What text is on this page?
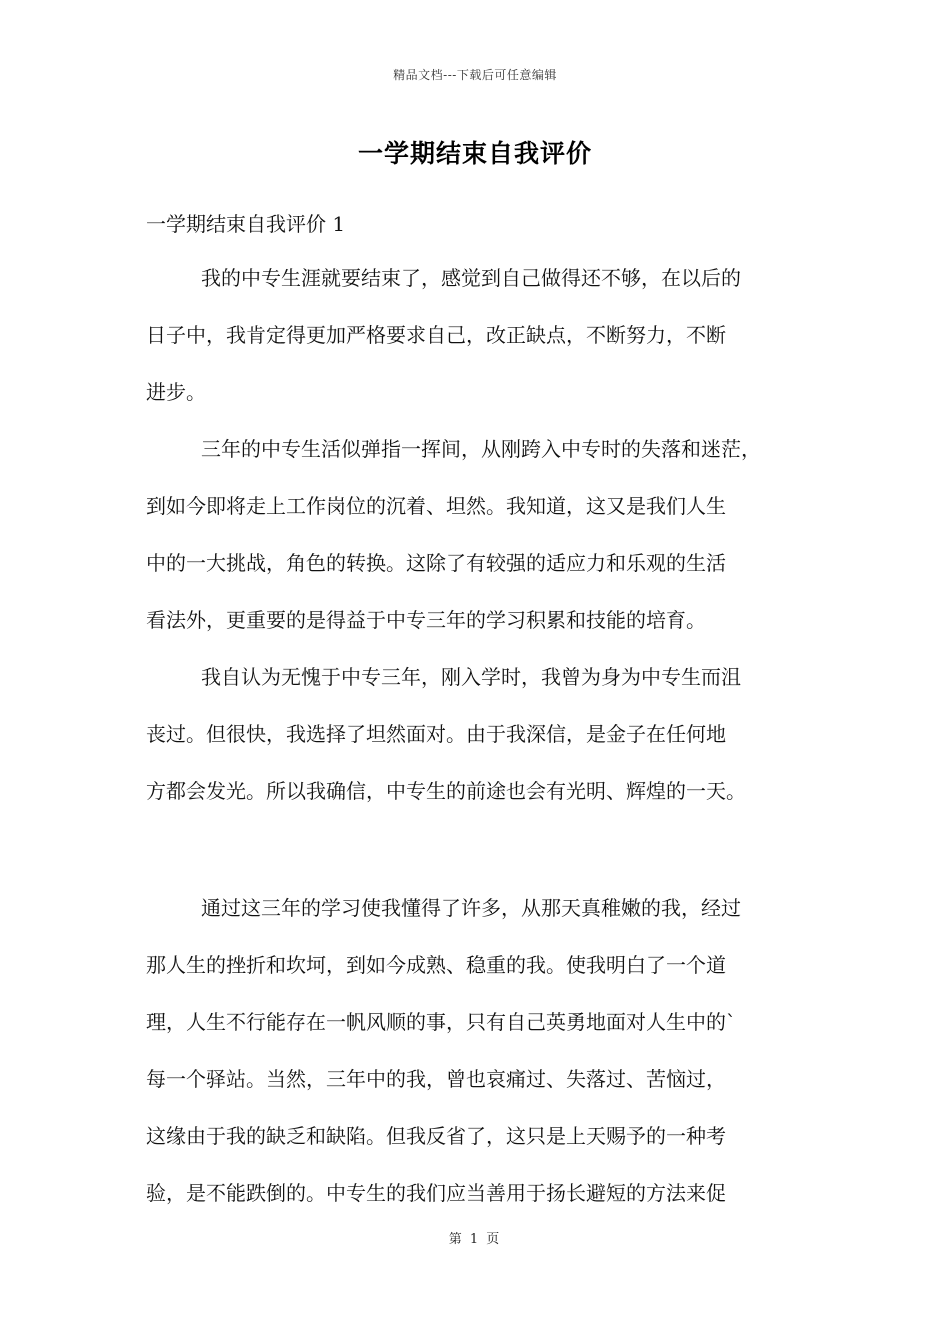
精品文档---下载后可任意编辑
一学期结束自我评价
一学期结束自我评价 1
我的中专生涯就要结束了，感觉到自己做得还不够，在以后的
日子中，我肯定得更加严格要求自己，改正缺点，不断努力，不断
进步。
三年的中专生活似弹指一挥间，从刚跨入中专时的失落和迷茫，
到如今即将走上工作岗位的沉着、坦然。我知道，这又是我们人生
中的一大挑战，角色的转换。这除了有较强的适应力和乐观的生活
看法外，更重要的是得益于中专三年的学习积累和技能的培育。
我自认为无愧于中专三年，刚入学时，我曾为身为中专生而沮
丧过。但很快，我选择了坦然面对。由于我深信，是金子在任何地
方都会发光。所以我确信，中专生的前途也会有光明、辉煌的一天。
通过这三年的学习使我懂得了许多，从那天真稚嫩的我，经过
那人生的挫折和坎坷，到如今成熟、稳重的我。使我明白了一个道
理，人生不行能存在一帆风顺的事，只有自己英勇地面对人生中的`
每一个驿站。当然，三年中的我，曾也哀痛过、失落过、苦恼过，
这缘由于我的缺乏和缺陷。但我反省了，这只是上天赐予的一种考
验，是不能跌倒的。中专生的我们应当善用于扬长避短的方法来促
第 1 页
